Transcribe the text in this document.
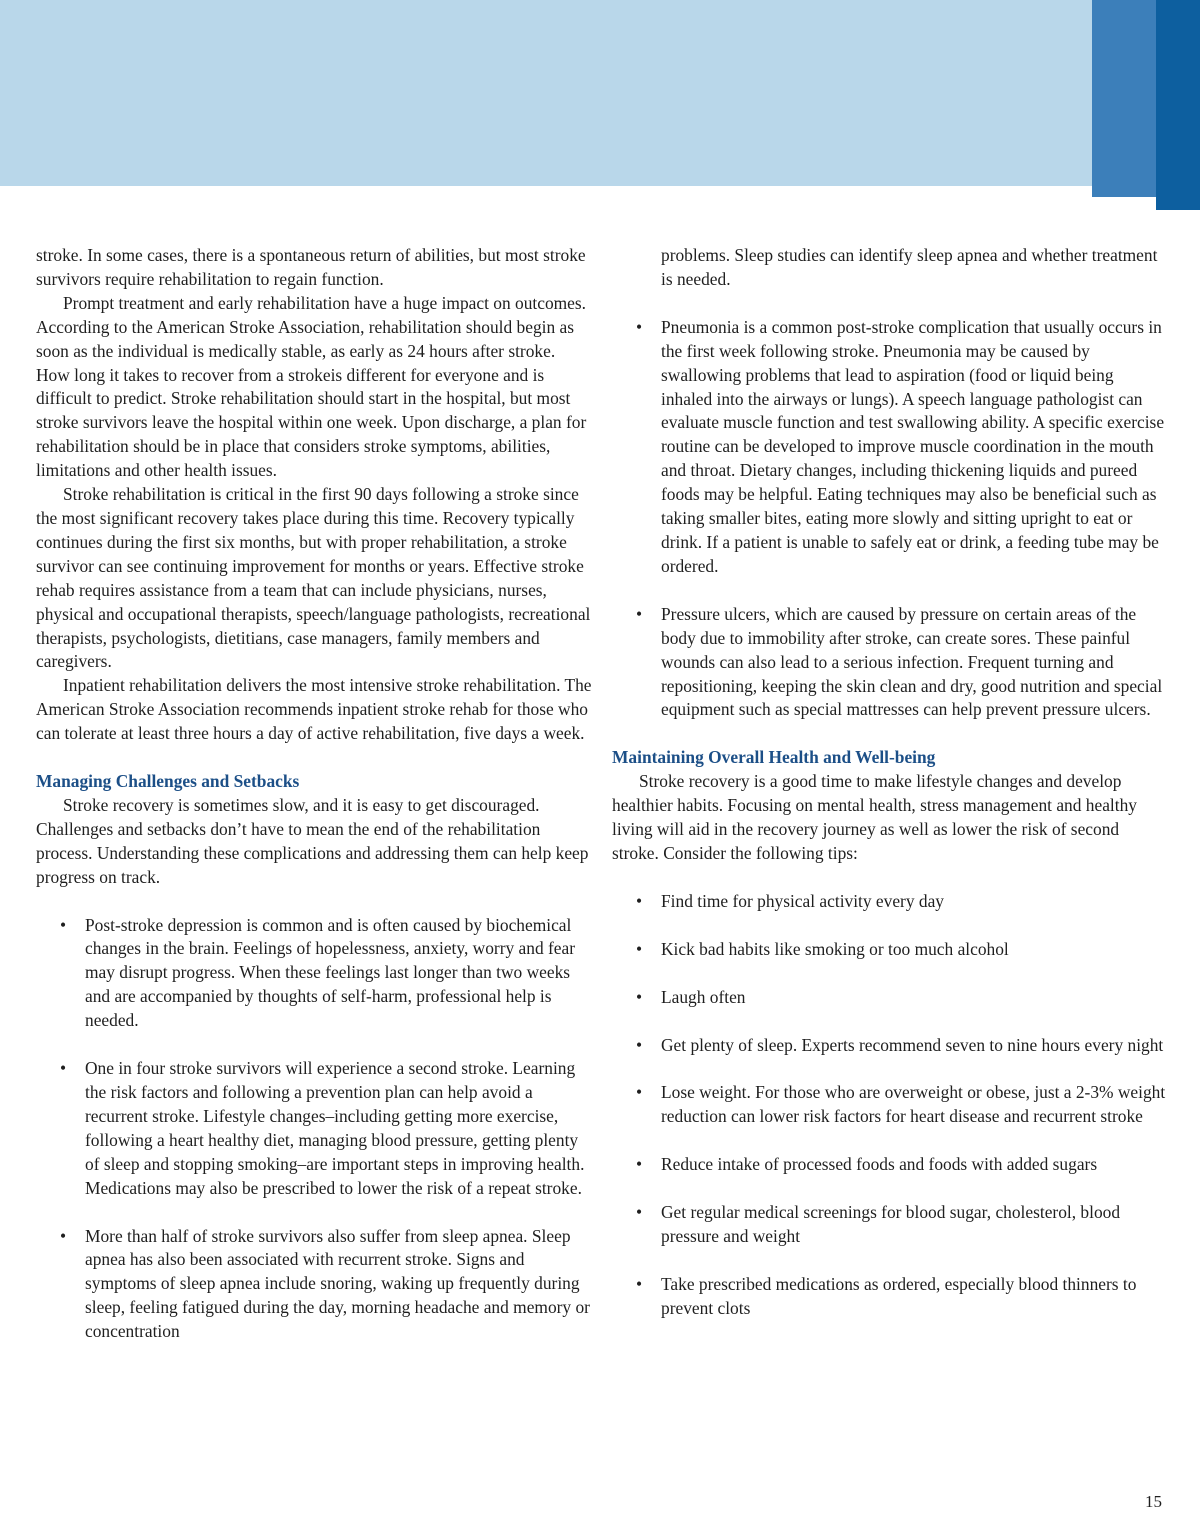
stroke. In some cases, there is a spontaneous return of abilities, but most stroke survivors require rehabilitation to regain function.

Prompt treatment and early rehabilitation have a huge impact on outcomes. According to the American Stroke Association, rehabilitation should begin as soon as the individual is medically stable, as early as 24 hours after stroke. How long it takes to recover from a strokeis different for everyone and is difficult to predict. Stroke rehabilitation should start in the hospital, but most stroke survivors leave the hospital within one week. Upon discharge, a plan for rehabilitation should be in place that considers stroke symptoms, abilities, limitations and other health issues.

Stroke rehabilitation is critical in the first 90 days following a stroke since the most significant recovery takes place during this time. Recovery typically continues during the first six months, but with proper rehabilitation, a stroke survivor can see continuing improvement for months or years. Effective stroke rehab requires assistance from a team that can include physicians, nurses, physical and occupational therapists, speech/language pathologists, recreational therapists, psychologists, dietitians, case managers, family members and caregivers.

Inpatient rehabilitation delivers the most intensive stroke rehabilitation. The American Stroke Association recommends inpatient stroke rehab for those who can tolerate at least three hours a day of active rehabilitation, five days a week.

Managing Challenges and Setbacks

Stroke recovery is sometimes slow, and it is easy to get discouraged. Challenges and setbacks don’t have to mean the end of the rehabilitation process. Understanding these complications and addressing them can help keep progress on track.

• Post-stroke depression is common and is often caused by biochemical changes in the brain. Feelings of hopelessness, anxiety, worry and fear may disrupt progress. When these feelings last longer than two weeks and are accompanied by thoughts of self-harm, professional help is needed.
• One in four stroke survivors will experience a second stroke. Learning the risk factors and following a prevention plan can help avoid a recurrent stroke. Lifestyle changes–including getting more exercise, following a heart healthy diet, managing blood pressure, getting plenty of sleep and stopping smoking–are important steps in improving health. Medications may also be prescribed to lower the risk of a repeat stroke.
• More than half of stroke survivors also suffer from sleep apnea. Sleep apnea has also been associated with recurrent stroke. Signs and symptoms of sleep apnea include snoring, waking up frequently during sleep, feeling fatigued during the day, morning headache and memory or concentration

problems. Sleep studies can identify sleep apnea and whether treatment is needed.

• Pneumonia is a common post-stroke complication that usually occurs in the first week following stroke. Pneumonia may be caused by swallowing problems that lead to aspiration (food or liquid being inhaled into the airways or lungs). A speech language pathologist can evaluate muscle function and test swallowing ability. A specific exercise routine can be developed to improve muscle coordination in the mouth and throat. Dietary changes, including thickening liquids and pureed foods may be helpful. Eating techniques may also be beneficial such as taking smaller bites, eating more slowly and sitting upright to eat or drink. If a patient is unable to safely eat or drink, a feeding tube may be ordered.
• Pressure ulcers, which are caused by pressure on certain areas of the body due to immobility after stroke, can create sores. These painful wounds can also lead to a serious infection. Frequent turning and repositioning, keeping the skin clean and dry, good nutrition and special equipment such as special mattresses can help prevent pressure ulcers.
Maintaining Overall Health and Well-being

Stroke recovery is a good time to make lifestyle changes and develop healthier habits. Focusing on mental health, stress management and healthy living will aid in the recovery journey as well as lower the risk of second stroke. Consider the following tips:

• Find time for physical activity every day
• Kick bad habits like smoking or too much alcohol
• Laugh often
• Get plenty of sleep. Experts recommend seven to nine hours every night
• Lose weight. For those who are overweight or obese, just a 2-3% weight reduction can lower risk factors for heart disease and recurrent stroke
• Reduce intake of processed foods and foods with added sugars
• Get regular medical screenings for blood sugar, cholesterol, blood pressure and weight
• Take prescribed medications as ordered, especially blood thinners to prevent clots
15
